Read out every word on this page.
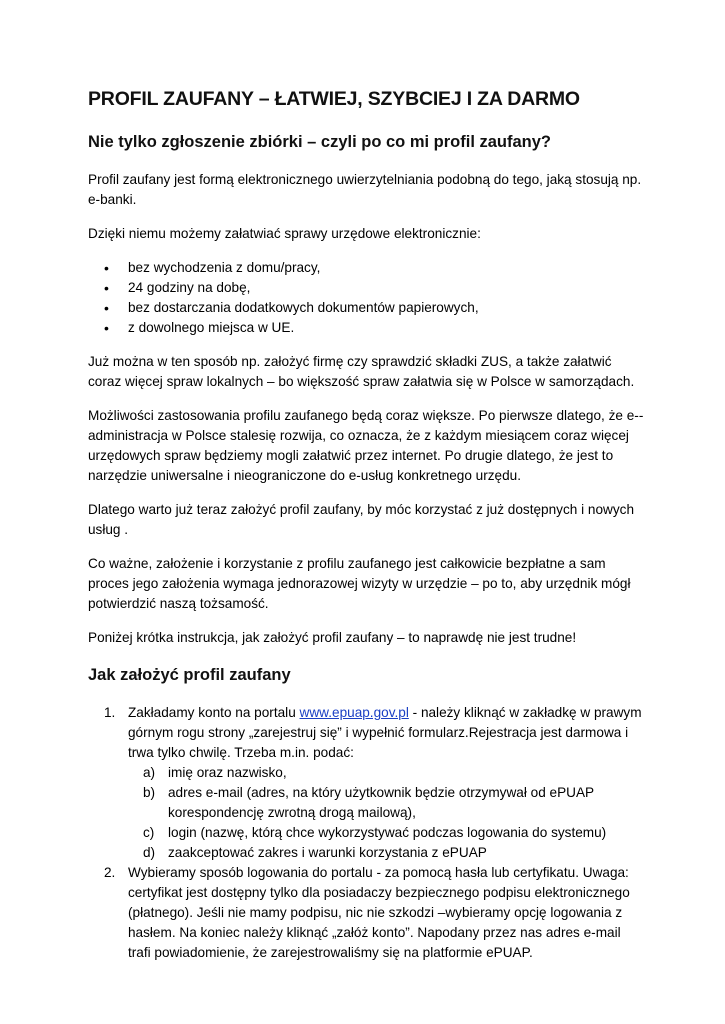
PROFIL ZAUFANY – ŁATWIEJ, SZYBCIEJ I ZA DARMO
Nie tylko zgłoszenie zbiórki – czyli po co mi profil zaufany?

Profil zaufany jest formą elektronicznego uwierzytelniania podobną do tego, jaką stosują np. e-banki.

Dzięki niemu możemy załatwiać sprawy urzędowe elektronicznie:

• bez wychodzenia z domu/pracy,
• 24 godziny na dobę,
• bez dostarczania dodatkowych dokumentów papierowych,
• z dowolnego miejsca w UE.

Już można w ten sposób np. założyć firmę czy sprawdzić składki ZUS, a także załatwić coraz więcej spraw lokalnych – bo większość spraw załatwia się w Polsce w samorządach.

Możliwości zastosowania profilu zaufanego będą coraz większe. Po pierwsze dlatego, że e--administracja w Polsce stalesię rozwija, co oznacza, że z każdym miesiącem coraz więcej urzędowych spraw będziemy mogli załatwić przez internet. Po drugie dlatego, że jest to narzędzie uniwersalne i nieograniczone do e-usług konkretnego urzędu.

Dlatego warto już teraz założyć profil zaufany, by móc korzystać z już dostępnych i nowych usług .

Co ważne, założenie i korzystanie z profilu zaufanego jest całkowicie bezpłatne a sam proces jego założenia wymaga jednorazowej wizyty w urzędzie – po to, aby urzędnik mógł potwierdzić naszą tożsamość.

Poniżej krótka instrukcja, jak założyć profil zaufany – to naprawdę nie jest trudne!

Jak założyć profil zaufany
1. Zakładamy konto na portalu www.epuap.gov.pl - należy kliknąć w zakładkę w prawym górnym rogu strony „zarejestruj się” i wypełnić formularz.Rejestracja jest darmowa i trwa tylko chwilę. Trzeba m.in. podać:
a) imię oraz nazwisko,
b) adres e-mail (adres, na który użytkownik będzie otrzymywał od ePUAP korespondencję zwrotną drogą mailową),
c) login (nazwę, którą chce wykorzystywać podczas logowania do systemu)
d) zaakceptować zakres i warunki korzystania z ePUAP
2. Wybieramy sposób logowania do portalu - za pomocą hasła lub certyfikatu. Uwaga: certyfikat jest dostępny tylko dla posiadaczy bezpiecznego podpisu elektronicznego (płatnego). Jeśli nie mamy podpisu, nic nie szkodzi –wybieramy opcję logowania z hasłem. Na koniec należy kliknąć „załóż konto”. Napodany przez nas adres e-mail trafi powiadomienie, że zarejestrowaliśmy się na platformie ePUAP.
